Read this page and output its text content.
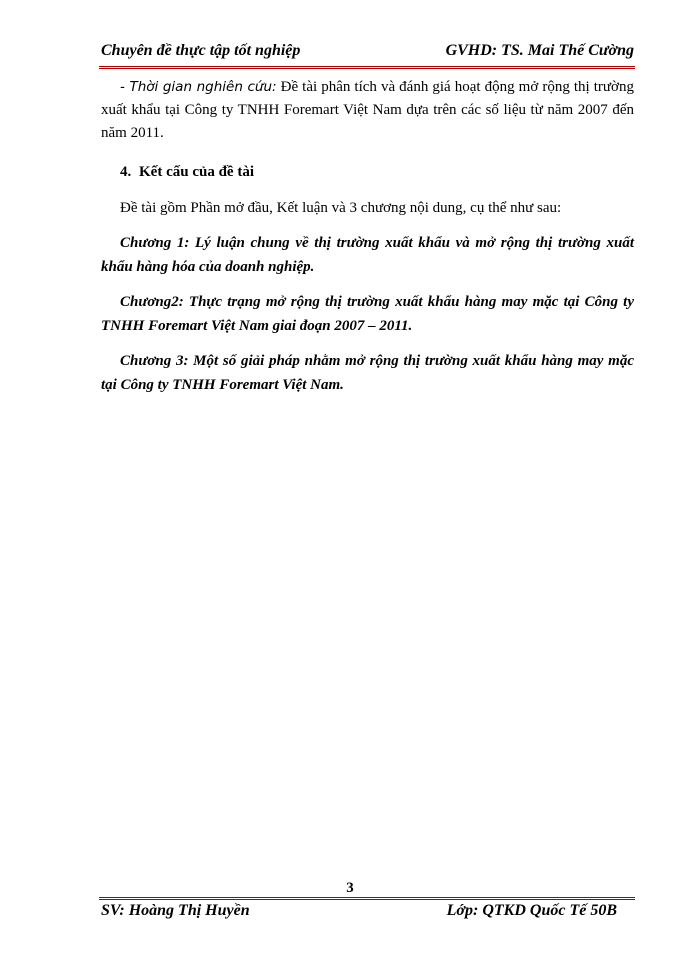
Chuyên đề thực tập tốt nghiệp	GVHD: TS. Mai Thế Cường

- Thời gian nghiên cứu: Đề tài phân tích và đánh giá hoạt động mở rộng thị trường xuất khẩu tại Công ty TNHH Foremart Việt Nam dựa trên các số liệu từ năm 2007 đến năm 2011.

4. Kết cấu của đề tài

Đề tài gồm Phần mở đầu, Kết luận và 3 chương nội dung, cụ thể như sau:

Chương 1: Lý luận chung về thị trường xuất khẩu và mở rộng thị trường xuất khẩu hàng hóa của doanh nghiệp.

Chương2: Thực trạng mở rộng thị trường xuất khẩu hàng may mặc tại Công ty TNHH Foremart Việt Nam giai đoạn 2007 – 2011.

Chương 3: Một số giải pháp nhằm mở rộng thị trường xuất khẩu hàng may mặc tại Công ty TNHH Foremart Việt Nam.

3
SV: Hoàng Thị Huyền	Lớp: QTKD Quốc Tế 50B
